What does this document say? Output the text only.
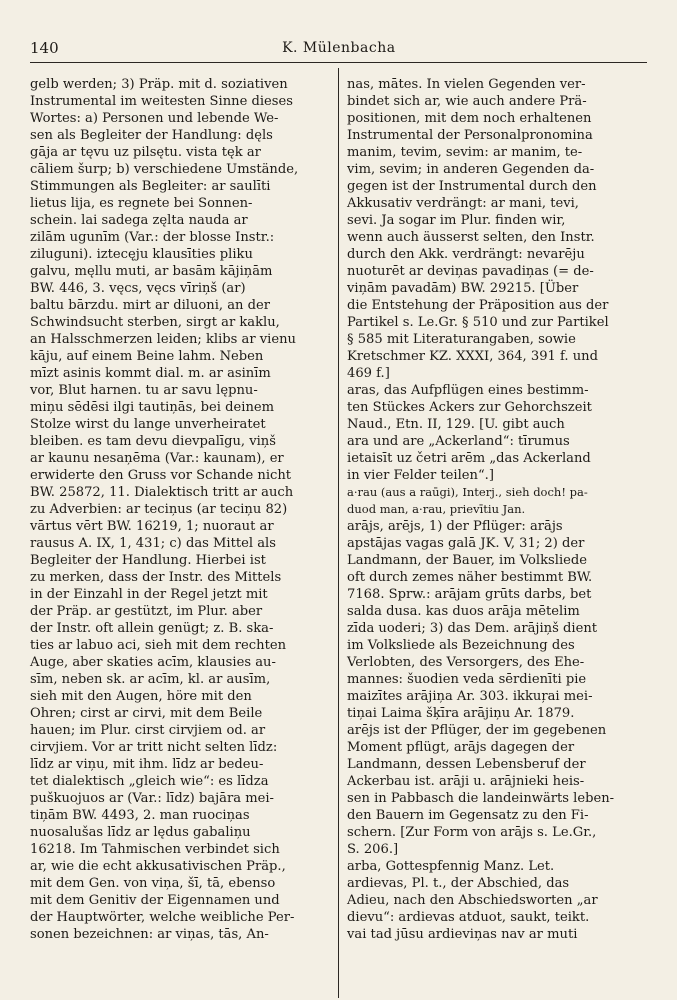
140	K. Mülenbacha

gelb werden; 3) Präp. mit d. soziativen

Instrumental im weitesten Sinne dieses

Wortes: a) Personen und lebende We-

sen als Begleiter der Handlung: dęls

gāja ar tęvu uz pilsętu. vista tęk ar

cāliem šurp; b) verschiedene Umstände,

Stimmungen als Begleiter: ar saulīti

lietus lija, es regnete bei Sonnen-

schein. lai sadega zęlta nauda ar

zilām ugunīm (Var.: der blosse Instr.:

ziluguni). iztecęju klausīties pliku

galvu, męllu muti, ar basām kājiņām

BW. 446, 3. vęcs, vęcs vīriņš (ar)

baltu bārzdu. mirt ar diluoni, an der

Schwindsucht sterben, sirgt ar kaklu,

an Halsschmerzen leiden; klibs ar vienu

kāju, auf einem Beine lahm. Neben

mīzt asinis kommt dial. m. ar asinīm

vor, Blut harnen. tu ar savu lępnu-

miņu sēdēsi ilgi tautiņās, bei deinem

Stolze wirst du lange unverheiratet

bleiben. es tam devu dievpalīgu, viņš

ar kaunu nesaņēma (Var.: kaunam), er

erwiderte den Gruss vor Schande nicht

BW. 25872, 11. Dialektisch tritt ar auch

zu Adverbien: ar teciņus (ar teciņu 82)

vārtus vērt BW. 16219, 1; nuoraut ar

rausus A. IX, 1, 431; c) das Mittel als

Begleiter der Handlung. Hierbei ist

zu merken, dass der Instr. des Mittels

in der Einzahl in der Regel jetzt mit

der Präp. ar gestützt, im Plur. aber

der Instr. oft allein genügt; z. B. ska-

ties ar labuo aci, sieh mit dem rechten

Auge, aber skaties acīm, klausies au-

sīm, neben sk. ar acīm, kl. ar ausīm,

sieh mit den Augen, höre mit den

Ohren; cirst ar cirvi, mit dem Beile

hauen; im Plur. cirst cirvjiem od. ar

cirvjiem. Vor ar tritt nicht selten līdz:

līdz ar viņu, mit ihm. līdz ar bedeu-

tet dialektisch „gleich wie“: es līdza

puškuojuos ar (Var.: līdz) bajāra mei-

tiņām BW. 4493, 2. man ruociņas

nuosalušas līdz ar lędus gabaliņu

16218. Im Tahmischen verbindet sich

ar, wie die echt akkusativischen Präp.,

mit dem Gen. von viņa, šī, tā, ebenso

mit dem Genitiv der Eigennamen und

der Hauptwörter, welche weibliche Per-

sonen bezeichnen: ar viņas, tās, An-

nas, mātes. In vielen Gegenden ver-

bindet sich ar, wie auch andere Prä-

positionen, mit dem noch erhaltenen

Instrumental der Personalpronomina

manim, tevim, sevim: ar manim, te-

vim, sevim; in anderen Gegenden da-

gegen ist der Instrumental durch den

Akkusativ verdrängt: ar mani, tevi,

sevi. Ja sogar im Plur. finden wir,

wenn auch äusserst selten, den Instr.

durch den Akk. verdrängt: nevarēju

nuoturēt ar deviņas pavadiņas (= de-

viņām pavadām) BW. 29215. [Über

die Entstehung der Präposition aus der

Partikel s. Le.Gr. § 510 und zur Partikel

§ 585 mit Literaturangaben, sowie

Kretschmer KZ. XXXI, 364, 391 f. und

469 f.]

aras, das Aufpflügen eines bestimm-

ten Stückes Ackers zur Gehorchszeit

Naud., Etn. II, 129. [U. gibt auch

ara und are „Ackerland“: tīrumus

ietaisīt uz četri arēm „das Ackerland

in vier Felder teilen“.]

a·rau (aus a raūgi), Interj., sieh doch! pa-

duod man, a·rau, prievītiu Jan.

arājs, arējs, 1) der Pflüger: arājs

apstājas vagas galā JK. V, 31; 2) der

Landmann, der Bauer, im Volksliede

oft durch zemes näher bestimmt BW.

7168. Sprw.: arājam grūts darbs, bet

salda dusa. kas duos arāja mētelim

zīda uoderi; 3) das Dem. arājiņš dient

im Volksliede als Bezeichnung des

Verlobten, des Versorgers, des Ehe-

mannes: šuodien veda sērdienīti pie

maizītes arājiņa Ar. 303. ikkuŗai mei-

tiņai Laima šķīra arājiņu Ar. 1879.

arējs ist der Pflüger, der im gegebenen

Moment pflügt, arājs dagegen der

Landmann, dessen Lebensberuf der

Ackerbau ist. arāji u. arājnieki heis-

sen in Pabbasch die landeinwärts leben-

den Bauern im Gegensatz zu den Fi-

schern. [Zur Form von arājs s. Le.Gr.,

S. 206.]

arba, Gottespfennig Manz. Let.

ardievas, Pl. t., der Abschied, das

Adieu, nach den Abschiedsworten „ar

dievu“: ardievas atduot, saukt, teikt.

vai tad jūsu ardieviņas nav ar muti
